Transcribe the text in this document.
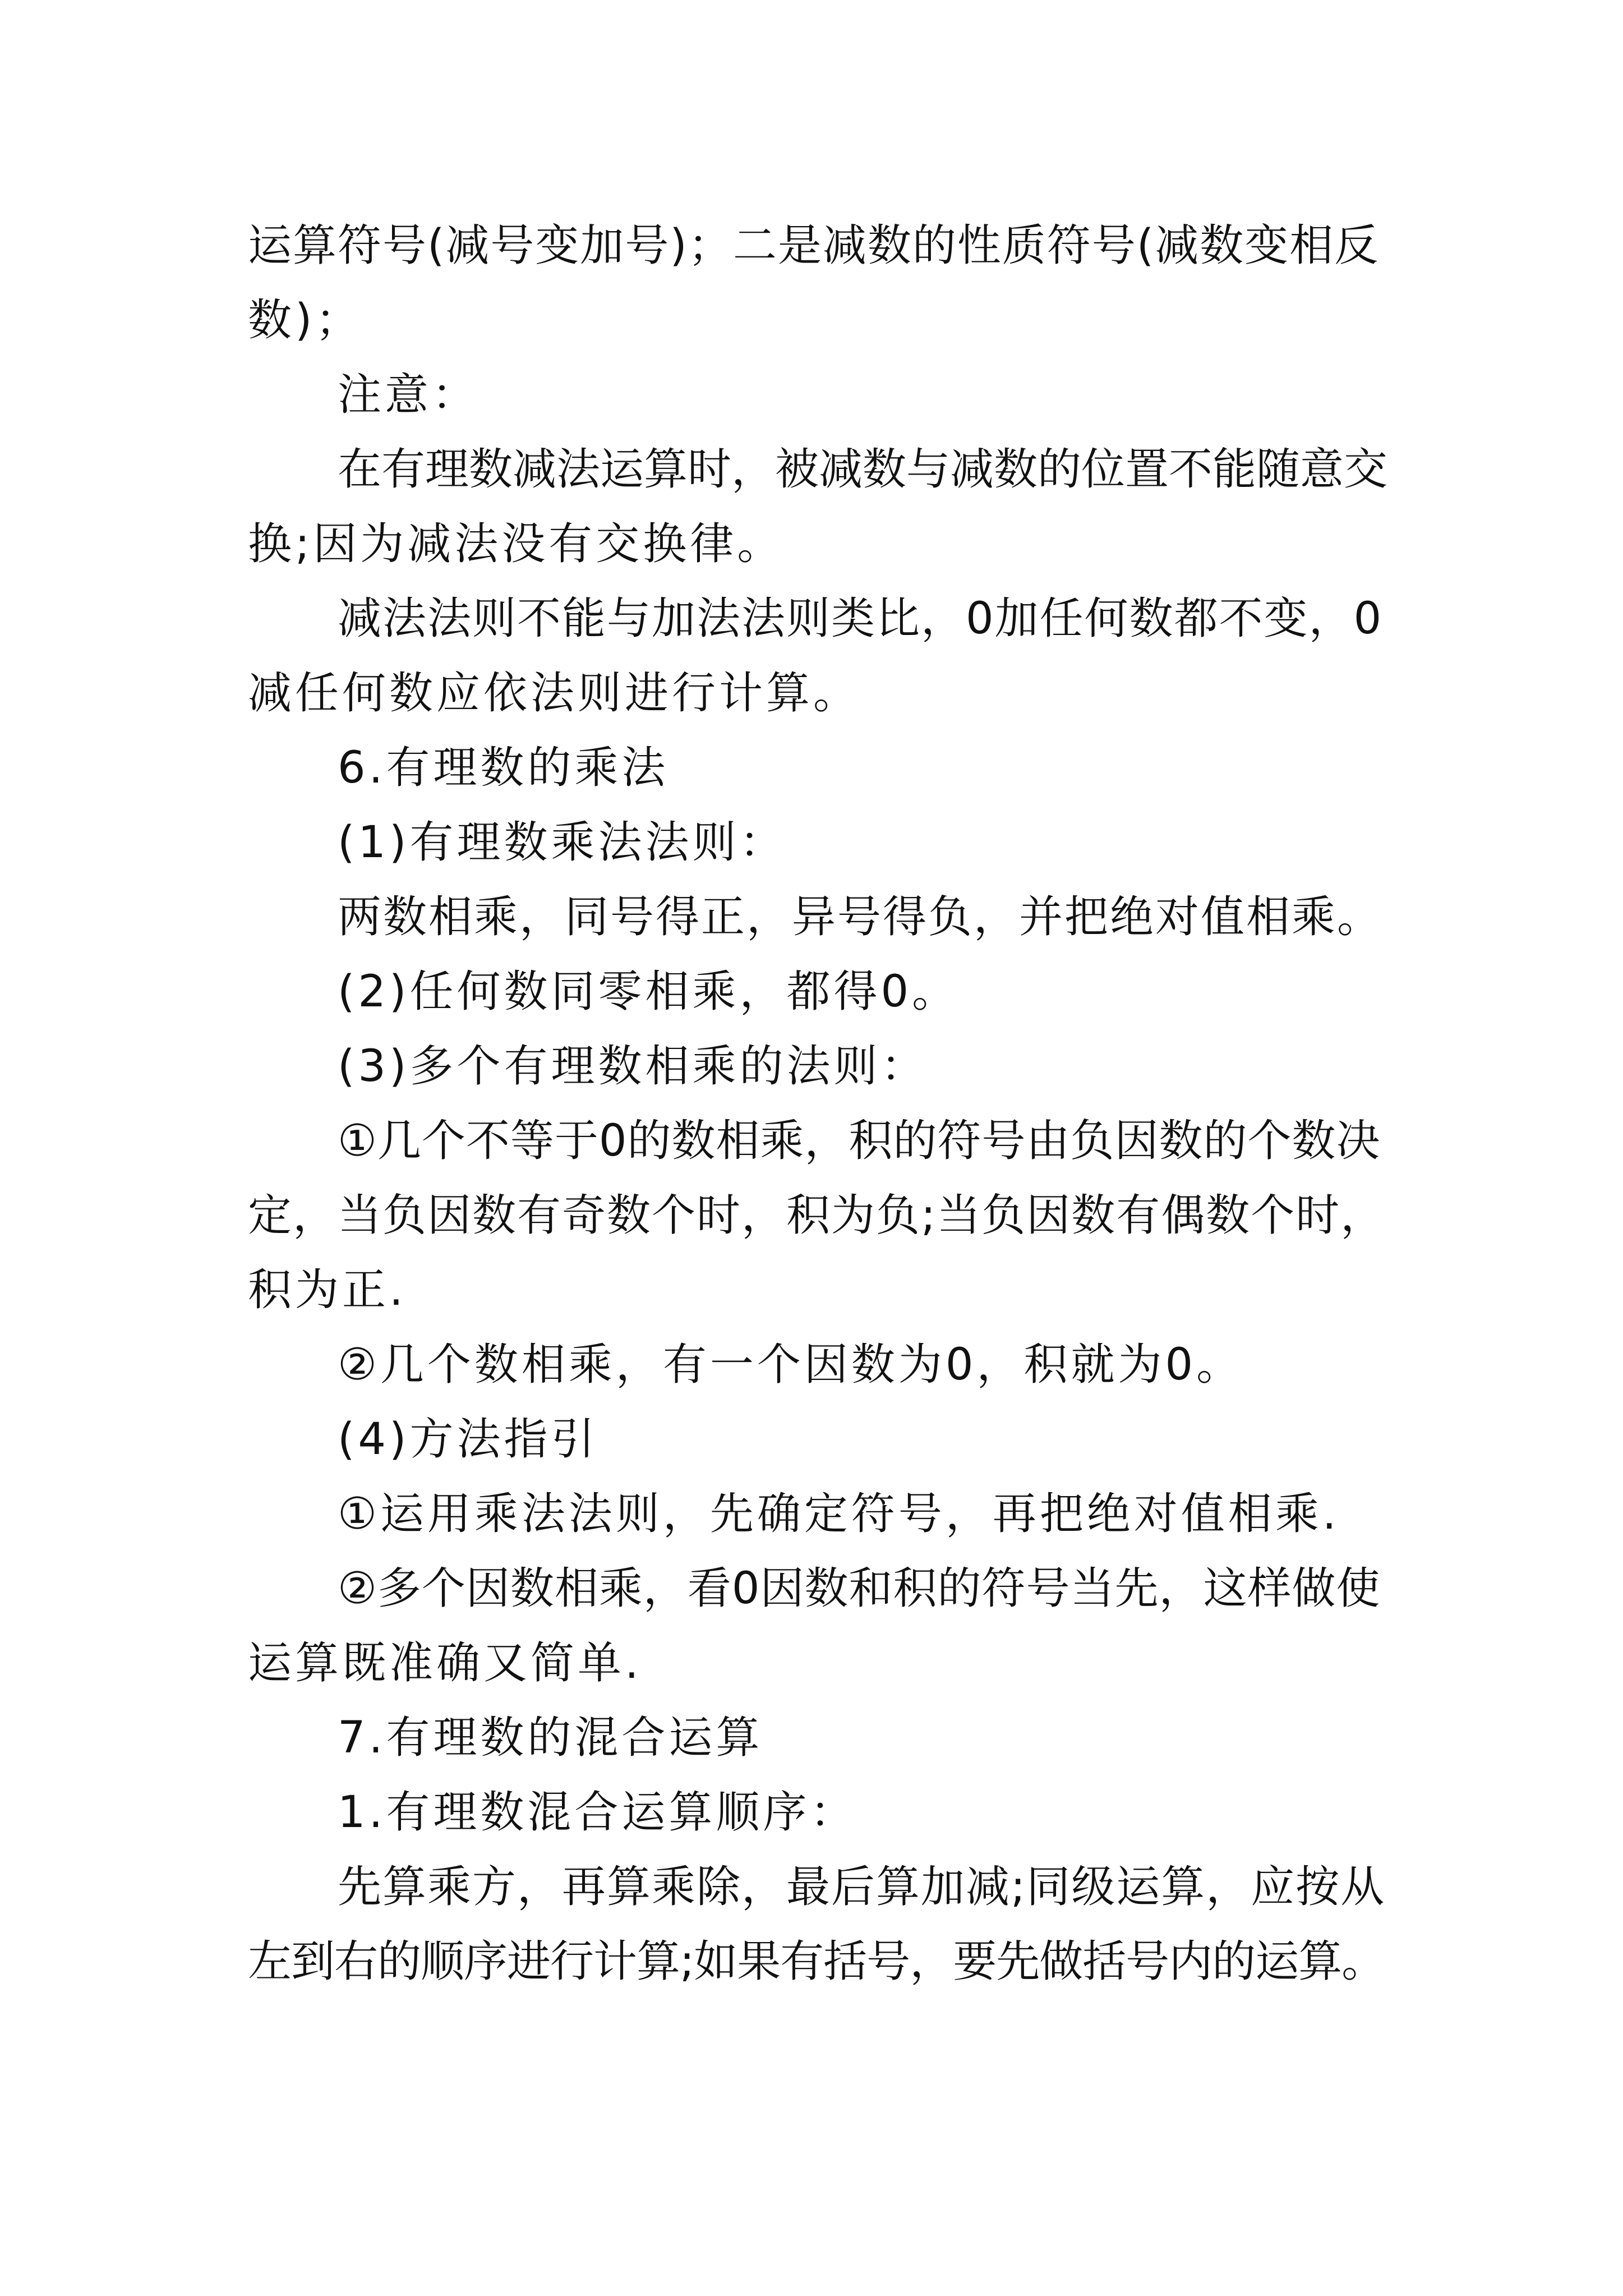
运算符号(减号变加号)；二是减数的性质符号(减数变相反
数)；
注意：
在有理数减法运算时，被减数与减数的位置不能随意交
换;因为减法没有交换律。
减法法则不能与加法法则类比，0加任何数都不变，0
减任何数应依法则进行计算。
6.有理数的乘法
(1)有理数乘法法则：
两数相乘，同号得正，异号得负，并把绝对值相乘。
(2)任何数同零相乘，都得0。
(3)多个有理数相乘的法则：
①几个不等于0的数相乘，积的符号由负因数的个数决
定，当负因数有奇数个时，积为负;当负因数有偶数个时，
积为正.
②几个数相乘，有一个因数为0，积就为0。
(4)方法指引
①运用乘法法则，先确定符号，再把绝对值相乘.
②多个因数相乘，看0因数和积的符号当先，这样做使
运算既准确又简单.
7.有理数的混合运算
1.有理数混合运算顺序：
先算乘方，再算乘除，最后算加减;同级运算，应按从
左到右的顺序进行计算;如果有括号，要先做括号内的运算。
